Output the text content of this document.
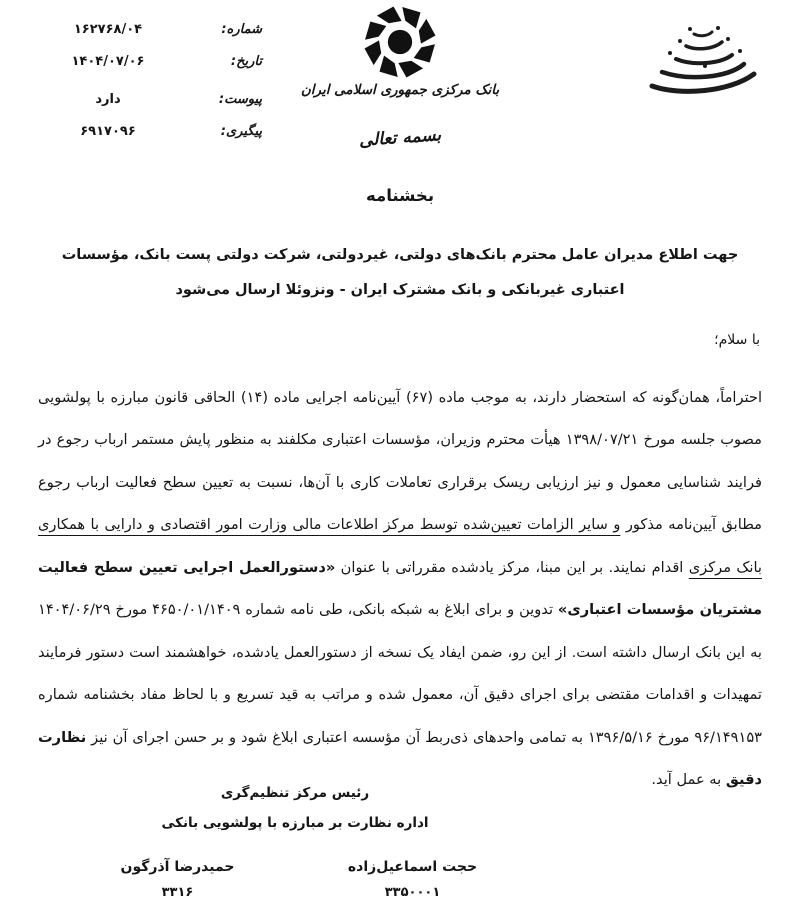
شماره:
۱۶۲۷۶۸/۰۴
تاریخ:
۱۴۰۴/۰۷/۰۶
پیوست:
دارد
پیگیری:
۶۹۱۷۰۹۶
بانک مرکزی جمهوری اسلامی ایران
بسمه تعالی
بخشنامه
جهت اطلاع مدیران عامل محترم بانک‌های دولتی، غیردولتی، شرکت دولتی پست بانک، مؤسسات اعتباری غیربانکی و بانک مشترک ایران - ونزوئلا ارسال می‌شود
با سلام؛

احتراماً، همان‌گونه که استحضار دارند، به موجب ماده (۶۷) آیین‌نامه اجرایی ماده (۱۴) الحاقی قانون مبارزه با پولشویی مصوب جلسه مورخ ۱۳۹۸/۰۷/۲۱ هیأت محترم وزیران، مؤسسات اعتباری مکلفند به منظور پایش مستمر ارباب رجوع در فرایند شناسایی معمول و نیز ارزیابی ریسک برقراری تعاملات کاری با آن‌ها، نسبت به تعیین سطح فعالیت ارباب رجوع مطابق آیین‌نامه مذکور و سایر الزامات تعیین‌شده توسط مرکز اطلاعات مالی وزارت امور اقتصادی و دارایی با همکاری بانک مرکزی اقدام نمایند. بر این مبنا، مرکز یادشده مقرراتی با عنوان «دستورالعمل اجرایی تعیین سطح فعالیت مشتریان مؤسسات اعتباری» تدوین و برای ابلاغ به شبکه بانکی، طی نامه شماره ۴۶۵۰/۰۱/۱۴۰۹ مورخ ۱۴۰۴/۰۶/۲۹ به این بانک ارسال داشته است. از این رو، ضمن ایفاد یک نسخه از دستورالعمل یادشده، خواهشمند است دستور فرمایند تمهیدات و اقدامات مقتضی برای اجرای دقیق آن، معمول شده و مراتب به قید تسریع و با لحاظ مفاد بخشنامه شماره ۹۶/۱۴۹۱۵۳ مورخ ۱۳۹۶/۵/۱۶ به تمامی واحدهای ذی‌ربط آن مؤسسه اعتباری ابلاغ شود و بر حسن اجرای آن نیز نظارت دقیق به عمل آید.

رئیس مرکز تنظیم‌گری
اداره نظارت بر مبارزه با پولشویی بانکی
حجت اسماعیل‌زاده
۳۳۵۰۰۰۱
حمیدرضا آذرگون
۳۳۱۶
